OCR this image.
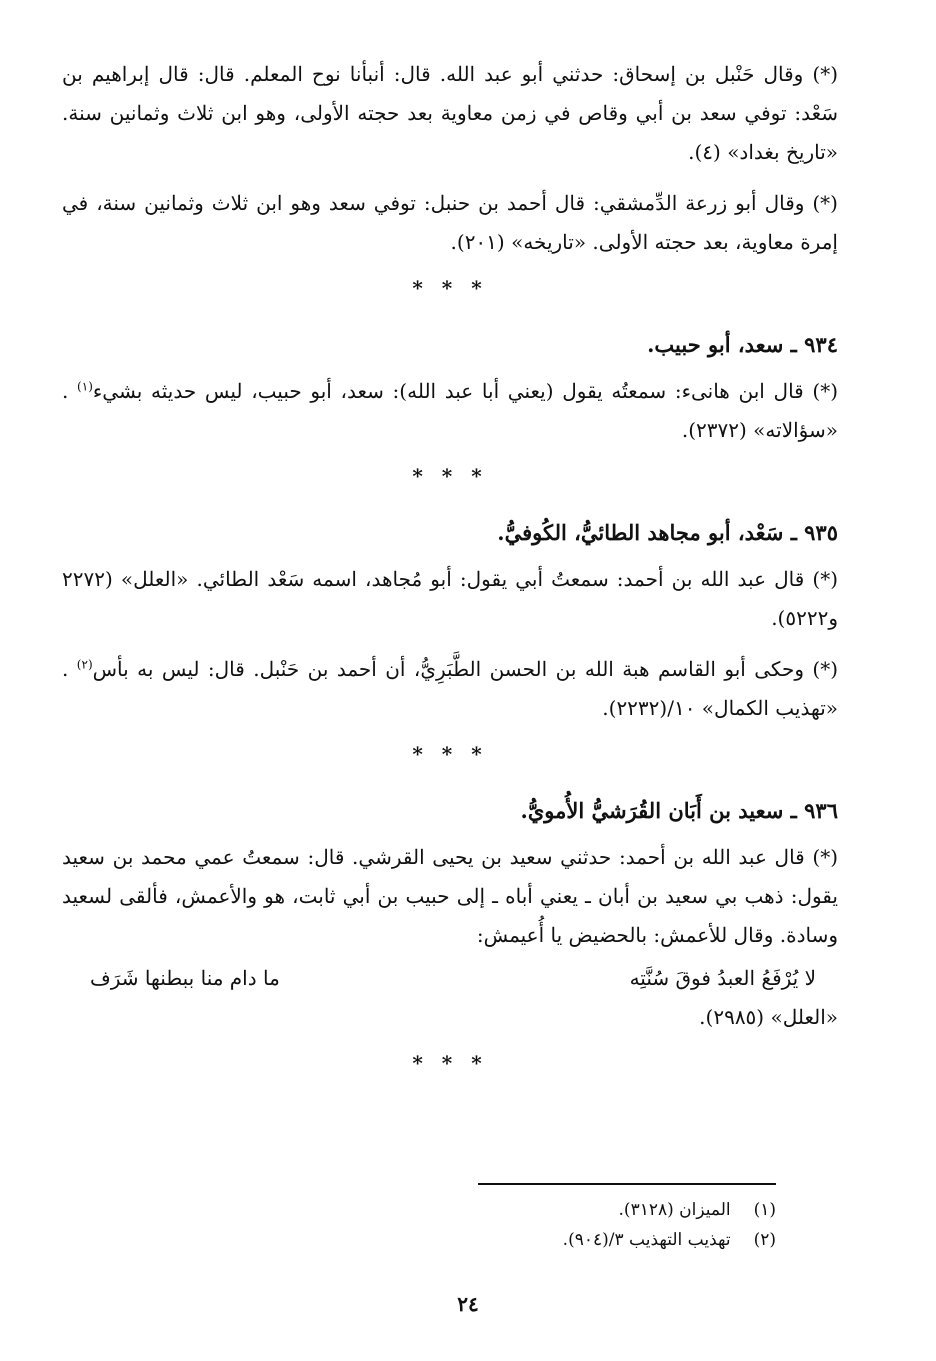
(*) وقال حَنْبل بن إسحاق: حدثني أبو عبد الله. قال: أنبأنا نوح المعلم. قال: قال إبراهيم بن سَعْد: توفي سعد بن أبي وقاص في زمن معاوية بعد حجته الأولى، وهو ابن ثلاث وثمانين سنة. «تاريخ بغداد» (٤).

(*) وقال أبو زرعة الدِّمشقي: قال أحمد بن حنبل: توفي سعد وهو ابن ثلاث وثمانين سنة، في إمرة معاوية، بعد حجته الأولى. «تاريخه» (٢٠١).

* * *
٩٣٤ ـ سعد، أبو حبيب.

(*) قال ابن هانىء: سمعتُه يقول (يعني أبا عبد الله): سعد، أبو حبيب، ليس حديثه بشيء$^{(١)}$ . «سؤالاته» (٢٣٧٢).

* * *
٩٣٥ ـ سَعْد، أبو مجاهد الطائيُّ، الكُوفيُّ.

(*) قال عبد الله بن أحمد: سمعتُ أبي يقول: أبو مُجاهد، اسمه سَعْد الطائي. «العلل» (٢٢٧٢ و٥٢٢٢).

(*) وحكى أبو القاسم هبة الله بن الحسن الطَّبَرِيُّ، أن أحمد بن حَنْبل. قال: ليس به بأس$^{(٢)}$ . «تهذيب الكمال» ١٠/(٢٢٣٢).

* * *
٩٣٦ ـ سعيد بن أَبَان القُرَشيُّ الأُمويُّ.

(*) قال عبد الله بن أحمد: حدثني سعيد بن يحيى القرشي. قال: سمعتُ عمي محمد بن سعيد يقول: ذهب بي سعيد بن أبان ـ يعني أباه ـ إلى حبيب بن أبي ثابت، هو والأعمش، فألقى لسعيد وسادة. وقال للأعمش: بالحضيض يا أُعيمش:

لا يُرْفَعُ العبدُ فوقَ سُنَّتِه
ما دام منا ببطنها شَرَف

«العلل» (٢٩٨٥).

* * *
(١) الميزان (٣١٢٨).
(٢) تهذيب التهذيب ٣/(٩٠٤).
٢٤
